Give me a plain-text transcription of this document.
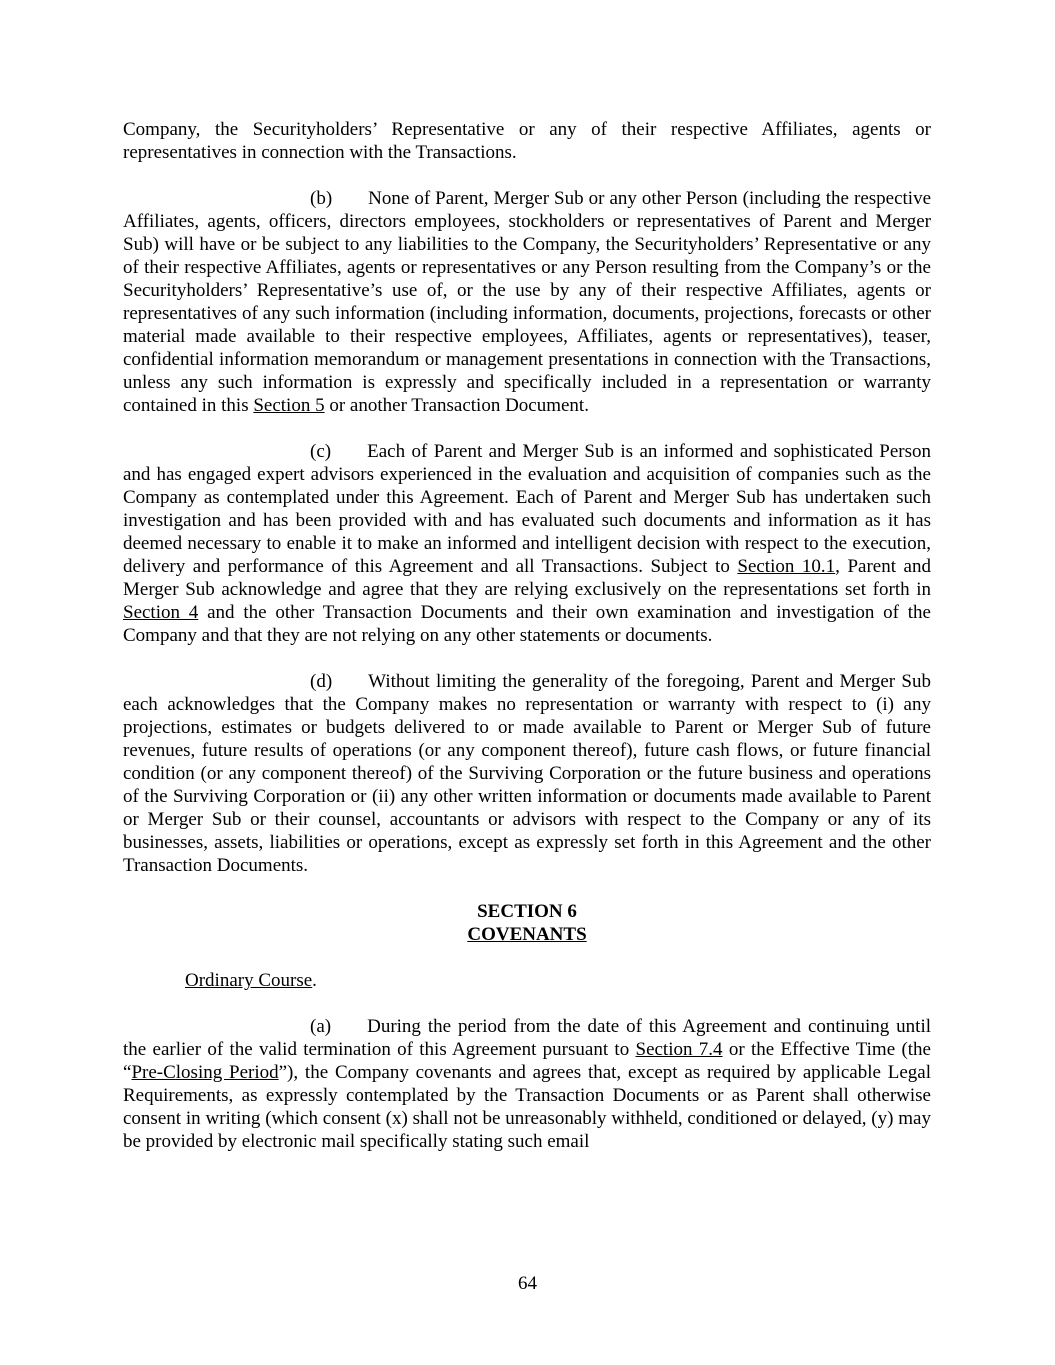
Company, the Securityholders’ Representative or any of their respective Affiliates, agents or representatives in connection with the Transactions.

(b) None of Parent, Merger Sub or any other Person (including the respective Affiliates, agents, officers, directors employees, stockholders or representatives of Parent and Merger Sub) will have or be subject to any liabilities to the Company, the Securityholders’ Representative or any of their respective Affiliates, agents or representatives or any Person resulting from the Company’s or the Securityholders’ Representative’s use of, or the use by any of their respective Affiliates, agents or representatives of any such information (including information, documents, projections, forecasts or other material made available to their respective employees, Affiliates, agents or representatives), teaser, confidential information memorandum or management presentations in connection with the Transactions, unless any such information is expressly and specifically included in a representation or warranty contained in this Section 5 or another Transaction Document.

(c) Each of Parent and Merger Sub is an informed and sophisticated Person and has engaged expert advisors experienced in the evaluation and acquisition of companies such as the Company as contemplated under this Agreement. Each of Parent and Merger Sub has undertaken such investigation and has been provided with and has evaluated such documents and information as it has deemed necessary to enable it to make an informed and intelligent decision with respect to the execution, delivery and performance of this Agreement and all Transactions. Subject to Section 10.1, Parent and Merger Sub acknowledge and agree that they are relying exclusively on the representations set forth in Section 4 and the other Transaction Documents and their own examination and investigation of the Company and that they are not relying on any other statements or documents.

(d) Without limiting the generality of the foregoing, Parent and Merger Sub each acknowledges that the Company makes no representation or warranty with respect to (i) any projections, estimates or budgets delivered to or made available to Parent or Merger Sub of future revenues, future results of operations (or any component thereof), future cash flows, or future financial condition (or any component thereof) of the Surviving Corporation or the future business and operations of the Surviving Corporation or (ii) any other written information or documents made available to Parent or Merger Sub or their counsel, accountants or advisors with respect to the Company or any of its businesses, assets, liabilities or operations, except as expressly set forth in this Agreement and the other Transaction Documents.

SECTION 6
COVENANTS

Ordinary Course.

(a) During the period from the date of this Agreement and continuing until the earlier of the valid termination of this Agreement pursuant to Section 7.4 or the Effective Time (the “Pre-Closing Period”), the Company covenants and agrees that, except as required by applicable Legal Requirements, as expressly contemplated by the Transaction Documents or as Parent shall otherwise consent in writing (which consent (x) shall not be unreasonably withheld, conditioned or delayed, (y) may be provided by electronic mail specifically stating such email

64
